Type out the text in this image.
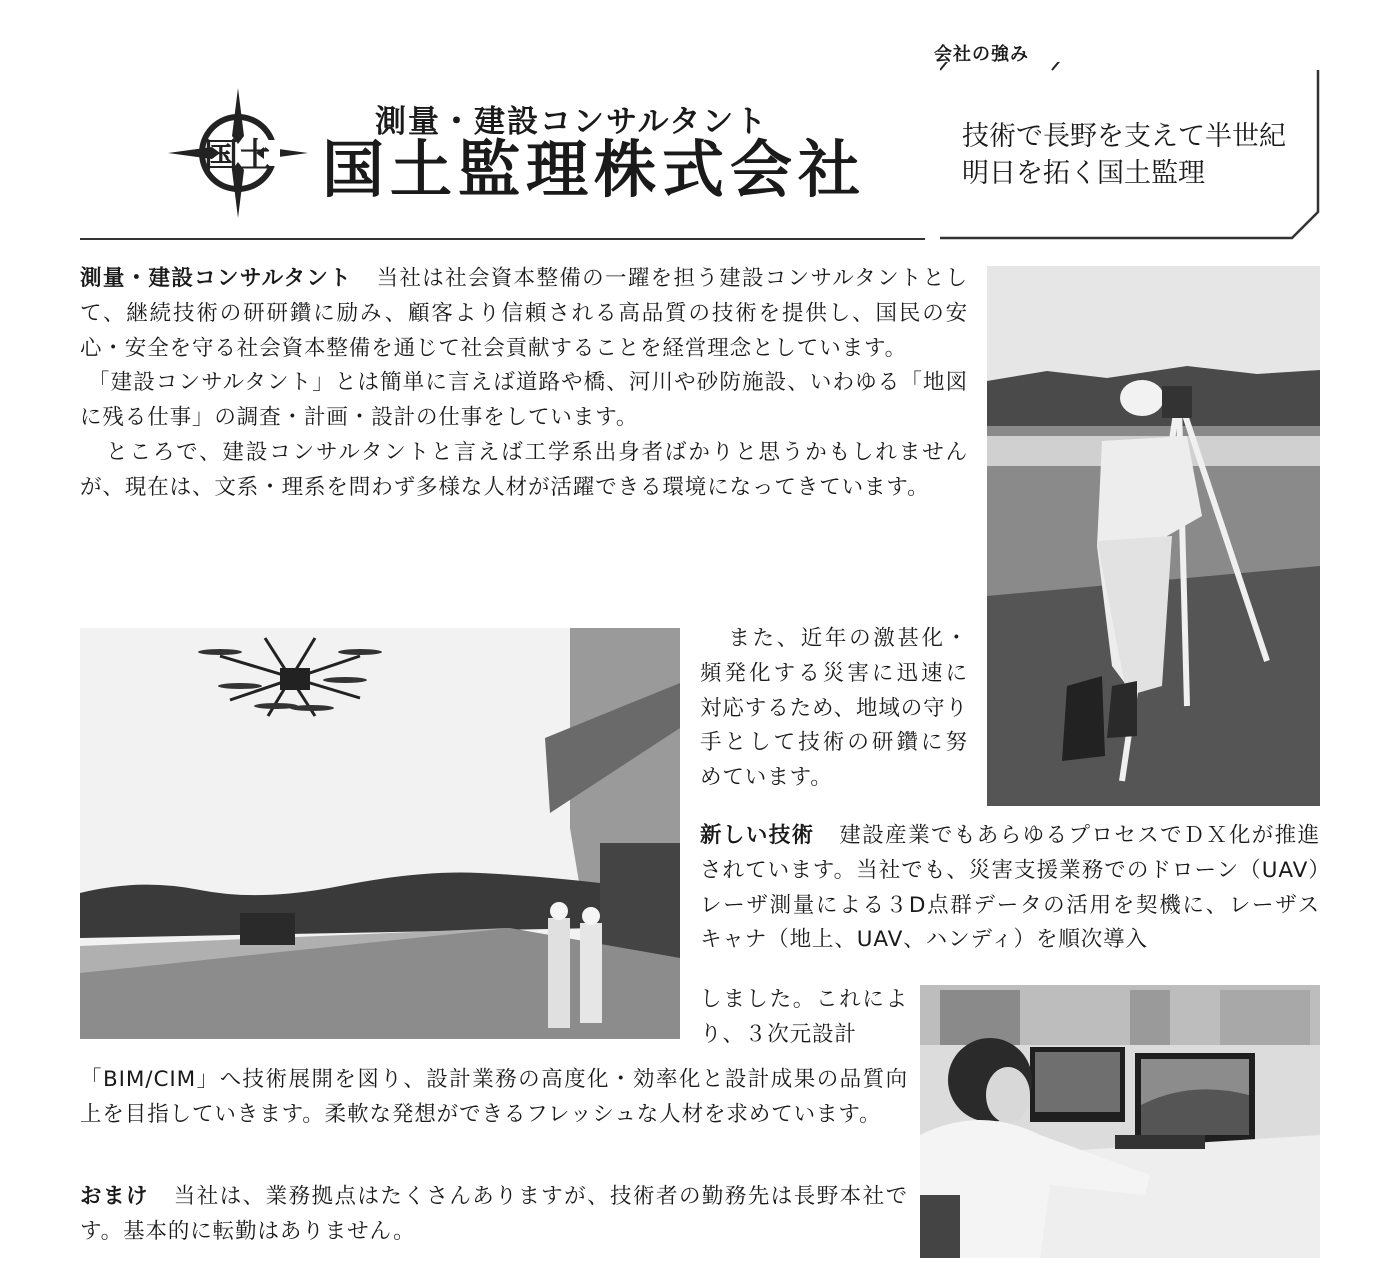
国土
測量・建設コンサルタント
国土監理株式会社
会社の強み
技術で長野を支えて半世紀
明日を拓く国土監理
測量・建設コンサルタント 当社は社会資本整備の一躍を担う建設コンサルタントとして、継続技術の研研鑽に励み、顧客より信頼される高品質の技術を提供し、国民の安心・安全を守る社会資本整備を通じて社会貢献することを経営理念としています。
「建設コンサルタント」とは簡単に言えば道路や橋、河川や砂防施設、いわゆる「地図に残る仕事」の調査・計画・設計の仕事をしています。
ところで、建設コンサルタントと言えば工学系出身者ばかりと思うかもしれませんが、現在は、文系・理系を問わず多様な人材が活躍できる環境になってきています。
また、近年の激甚化・頻発化する災害に迅速に対応するため、地域の守り手として技術の研鑽に努めています。
新しい技術 建設産業でもあらゆるプロセスでＤＸ化が推進されています。当社でも、災害支援業務でのドローン（UAV）レーザ測量による３D点群データの活用を契機に、レーザスキャナ（地上、UAV、ハンディ）を順次導入
しました。これにより、３次元設計
「BIM/CIM」へ技術展開を図り、設計業務の高度化・効率化と設計成果の品質向上を目指していきます。柔軟な発想ができるフレッシュな人材を求めています。
おまけ 当社は、業務拠点はたくさんありますが、技術者の勤務先は長野本社です。基本的に転勤はありません。
